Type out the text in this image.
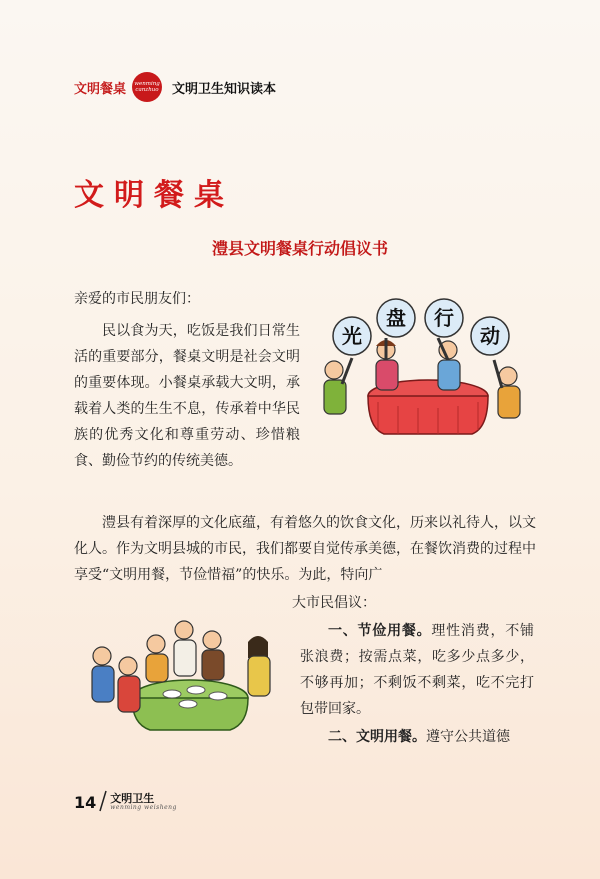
文明餐桌 wenming
canzhuo 文明卫生知识读本
文明餐桌
澧县文明餐桌行动倡议书

亲爱的市民朋友们：

民以食为天，吃饭是我们日常生活的重要部分，餐桌文明是社会文明的重要体现。小餐桌承载大文明，承载着人类的生生不息，传承着中华民族的优秀文化和尊重劳动、珍惜粮食、勤俭节约的传统美德。

光
盘 行
动

澧县有着深厚的文化底蕴，有着悠久的饮食文化，历来以礼待人，以文化人。作为文明县城的市民，我们都要自觉传承美德，在餐饮消费的过程中享受“文明用餐，节俭惜福”的快乐。为此，特向广

大市民倡议：

一、节俭用餐。理性消费，不铺张浪费；按需点菜，吃多少点多少，不够再加；不剩饭不剩菜，吃不完打包带回家。

二、文明用餐。遵守公共道德

14 文明卫生
wenming weisheng
